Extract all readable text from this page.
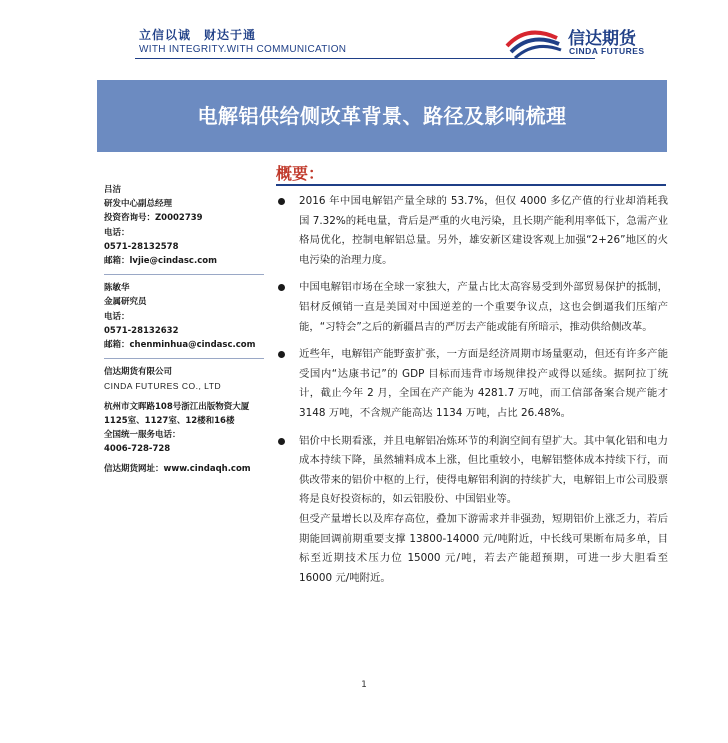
立信以诚　财达于通
WITH INTEGRITY.WITH COMMUNICATION
信达期货
CINDA FUTURES
电解铝供给侧改革背景、路径及影响梳理
概要：
吕洁
研发中心副总经理
投资咨询号：Z0002739
电话：
0571-28132578
邮箱：lvjie@cindasc.com
陈敏华
金属研究员
电话：
0571-28132632
邮箱：chenminhua@cindasc.com
信达期货有限公司
CINDA FUTURES CO., LTD
杭州市文晖路108号浙江出版物资大厦
1125室、1127室、12楼和16楼
全国统一服务电话：
4006-728-728
信达期货网址：www.cindaqh.com

2016 年中国电解铝产量全球的 53.7%，但仅 4000 多亿产值的行业却消耗我国 7.32%的耗电量，背后是严重的火电污染，且长期产能利用率低下，急需产业格局优化，控制电解铝总量。另外，雄安新区建设客观上加强“2+26”地区的火电污染的治理力度。

中国电解铝市场在全球一家独大，产量占比太高容易受到外部贸易保护的抵制，铝材反倾销一直是美国对中国逆差的一个重要争议点，这也会倒逼我们压缩产能，“习特会”之后的新疆昌吉的严厉去产能或能有所暗示，推动供给侧改革。

近些年，电解铝产能野蛮扩张，一方面是经济周期市场量驱动，但还有许多产能受国内“达康书记”的 GDP 目标而违背市场规律投产或得以延续。据阿拉丁统计，截止今年 2 月，全国在产产能为 4281.7 万吨，而工信部备案合规产能才 3148 万吨，不含规产能高达 1134 万吨，占比 26.48%。

铝价中长期看涨，并且电解铝冶炼环节的利润空间有望扩大。其中氧化铝和电力成本持续下降，虽然辅料成本上涨，但比重较小，电解铝整体成本持续下行，而供改带来的铝价中枢的上行，使得电解铝利润的持续扩大，电解铝上市公司股票将是良好投资标的，如云铝股份、中国铝业等。

但受产量增长以及库存高位，叠加下游需求并非强劲，短期铝价上涨乏力，若后期能回调前期重要支撑 13800-14000 元/吨附近，中长线可果断布局多单，目标至近期技术压力位 15000 元/吨，若去产能超预期，可进一步大胆看至 16000 元/吨附近。

1
